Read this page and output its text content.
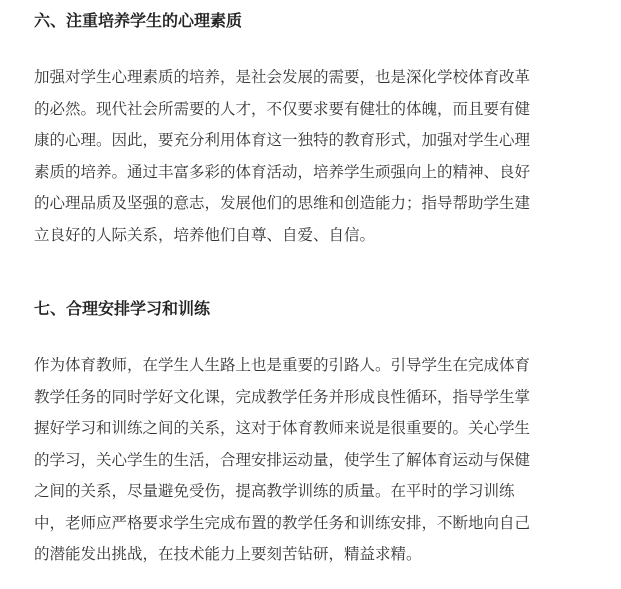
六、注重培养学生的心理素质
加强对学生心理素质的培养，是社会发展的需要，也是深化学校体育改革
的必然。现代社会所需要的人才，不仅要求要有健壮的体魄，而且要有健
康的心理。因此，要充分利用体育这一独特的教育形式，加强对学生心理
素质的培养。通过丰富多彩的体育活动，培养学生顽强向上的精神、良好
的心理品质及坚强的意志，发展他们的思维和创造能力；指导帮助学生建
立良好的人际关系，培养他们自尊、自爱、自信。
七、合理安排学习和训练
作为体育教师，在学生人生路上也是重要的引路人。引导学生在完成体育
教学任务的同时学好文化课，完成教学任务并形成良性循环，指导学生掌
握好学习和训练之间的关系，这对于体育教师来说是很重要的。关心学生
的学习，关心学生的生活，合理安排运动量，使学生了解体育运动与保健
之间的关系，尽量避免受伤，提高教学训练的质量。在平时的学习训练
中，老师应严格要求学生完成布置的教学任务和训练安排，不断地向自己
的潜能发出挑战，在技术能力上要刻苦钻研，精益求精。
